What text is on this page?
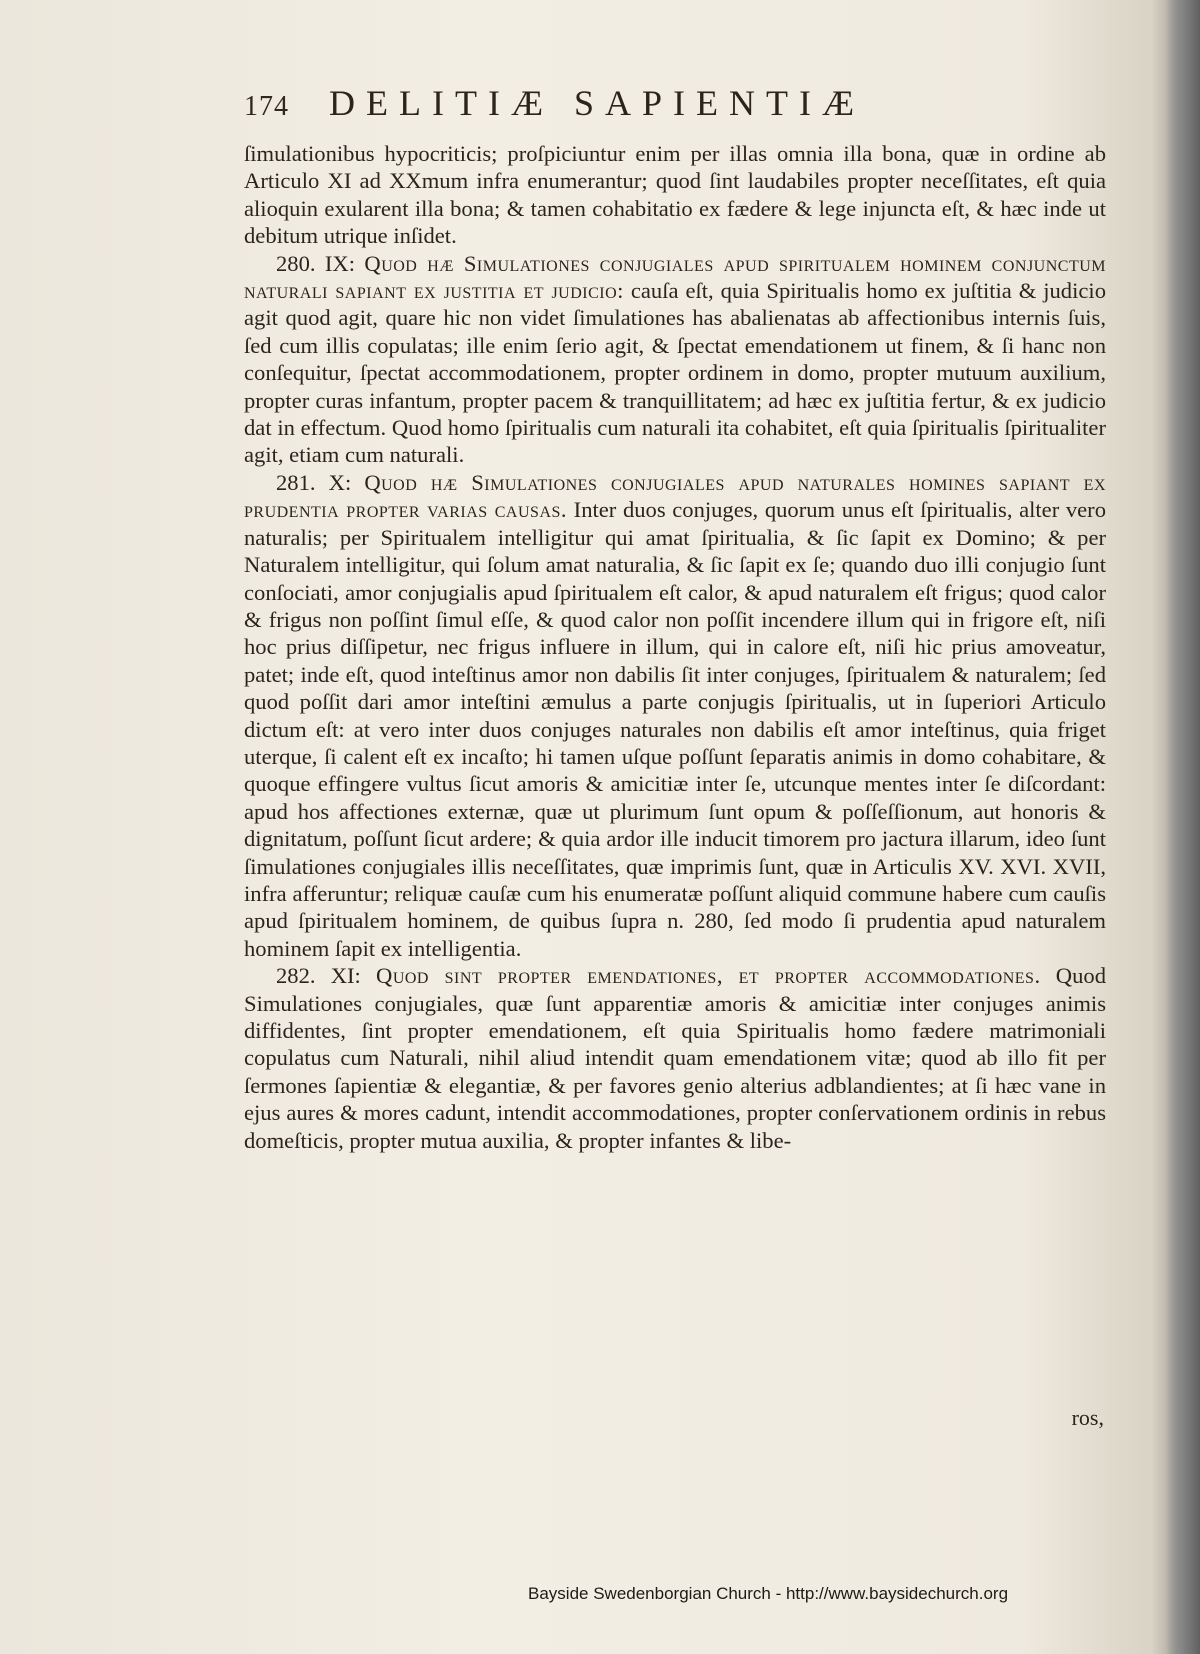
174 DELITIÆ SAPIENTIÆ

ſimulationibus hypocriticis; proſpiciuntur enim per illas omnia illa bona, quæ in ordine ab Articulo XI ad XXmum infra enumerantur; quod ſint laudabiles propter neceſſitates, eſt quia alioquin exularent illa bona; & tamen cohabitatio ex fædere & lege injuncta eſt, & hæc inde ut debitum utrique inſidet.

280. IX: Quod hæ Simulationes conjugiales apud spiritualem hominem conjunctum naturali sapiant ex justitia et judicio: cauſa eſt, quia Spiritualis homo ex juſtitia & judicio agit quod agit, quare hic non videt ſimulationes has abalienatas ab affectionibus internis ſuis, ſed cum illis copulatas; ille enim ſerio agit, & ſpectat emendationem ut finem, & ſi hanc non conſequitur, ſpectat accommodationem, propter ordinem in domo, propter mutuum auxilium, propter curas infantum, propter pacem & tranquillitatem; ad hæc ex juſtitia fertur, & ex judicio dat in effectum. Quod homo ſpiritualis cum naturali ita cohabitet, eſt quia ſpiritualis ſpiritualiter agit, etiam cum naturali.

281. X: Quod hæ Simulationes conjugiales apud naturales homines sapiant ex prudentia propter varias causas. Inter duos conjuges, quorum unus eſt ſpiritualis, alter vero naturalis; per Spiritualem intelligitur qui amat ſpiritualia, & ſic ſapit ex Domino; & per Naturalem intelligitur, qui ſolum amat naturalia, & ſic ſapit ex ſe; quando duo illi conjugio ſunt conſociati, amor conjugialis apud ſpiritualem eſt calor, & apud naturalem eſt frigus; quod calor & frigus non poſſint ſimul eſſe, & quod calor non poſſit incendere illum qui in frigore eſt, niſi hoc prius diſſipetur, nec frigus influere in illum, qui in calore eſt, niſi hic prius amoveatur, patet; inde eſt, quod inteſtinus amor non dabilis ſit inter conjuges, ſpiritualem & naturalem; ſed quod poſſit dari amor inteſtini æmulus a parte conjugis ſpiritualis, ut in ſuperiori Articulo dictum eſt: at vero inter duos conjuges naturales non dabilis eſt amor inteſtinus, quia friget uterque, ſi calent eſt ex incaſto; hi tamen uſque poſſunt ſeparatis animis in domo cohabitare, & quoque effingere vultus ſicut amoris & amicitiæ inter ſe, utcunque mentes inter ſe diſcordant: apud hos affectiones externæ, quæ ut plurimum ſunt opum & poſſeſſionum, aut honoris & dignitatum, poſſunt ſicut ardere; & quia ardor ille inducit timorem pro jactura illarum, ideo ſunt ſimulationes conjugiales illis neceſſitates, quæ imprimis ſunt, quæ in Articulis XV. XVI. XVII, infra afferuntur; reliquæ cauſæ cum his enumeratæ poſſunt aliquid commune habere cum cauſis apud ſpiritualem hominem, de quibus ſupra n. 280, ſed modo ſi prudentia apud naturalem hominem ſapit ex intelligentia.

282. XI: Quod sint propter emendationes, et propter accommodationes. Quod Simulationes conjugiales, quæ ſunt apparentiæ amoris & amicitiæ inter conjuges animis diffidentes, ſint propter emendationem, eſt quia Spiritualis homo fædere matrimoniali copulatus cum Naturali, nihil aliud intendit quam emendationem vitæ; quod ab illo fit per ſermones ſapientiæ & elegantiæ, & per favores genio alterius adblandientes; at ſi hæc vane in ejus aures & mores cadunt, intendit accommodationes, propter conſervationem ordinis in rebus domeſticis, propter mutua auxilia, & propter infantes & libe-

ros,
Bayside Swedenborgian Church - http://www.baysidechurch.org
